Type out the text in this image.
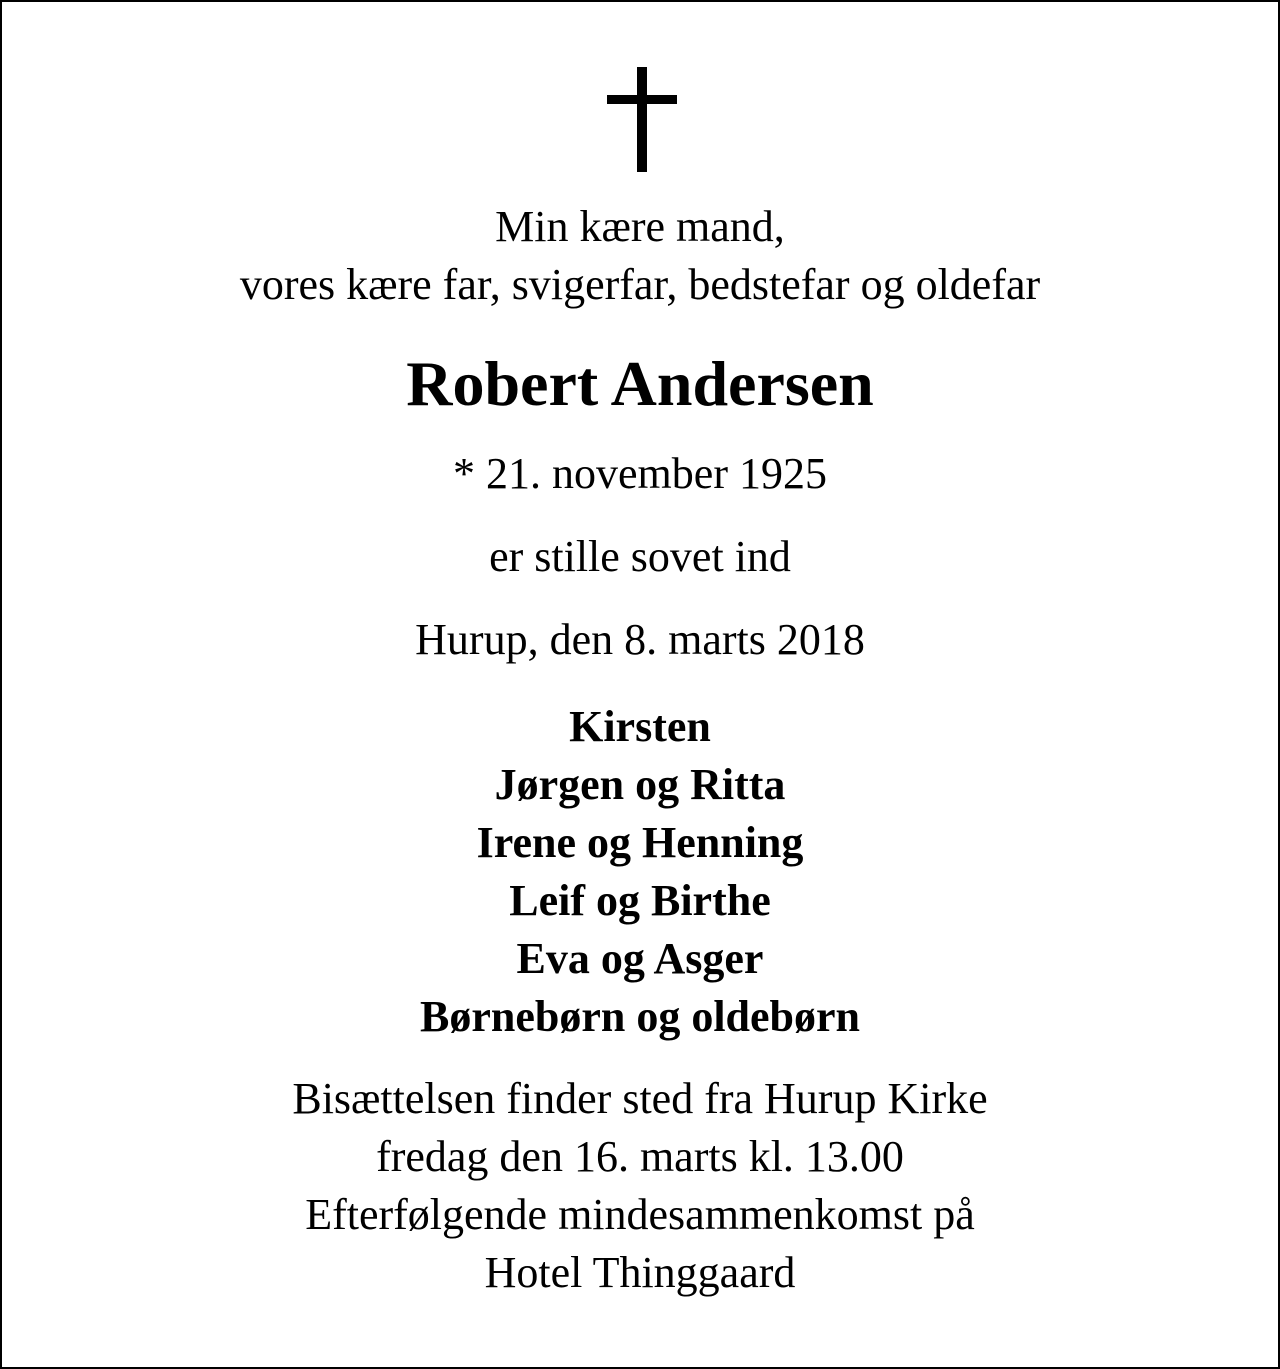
Min kære mand,
vores kære far, svigerfar, bedstefar og oldefar
Robert Andersen
* 21. november 1925
er stille sovet ind
Hurup, den 8. marts 2018
Kirsten
Jørgen og Ritta
Irene og Henning
Leif og Birthe
Eva og Asger
Børnebørn og oldebørn
Bisættelsen finder sted fra Hurup Kirke
fredag den 16. marts kl. 13.00
Efterfølgende mindesammenkomst på
Hotel Thinggaard
